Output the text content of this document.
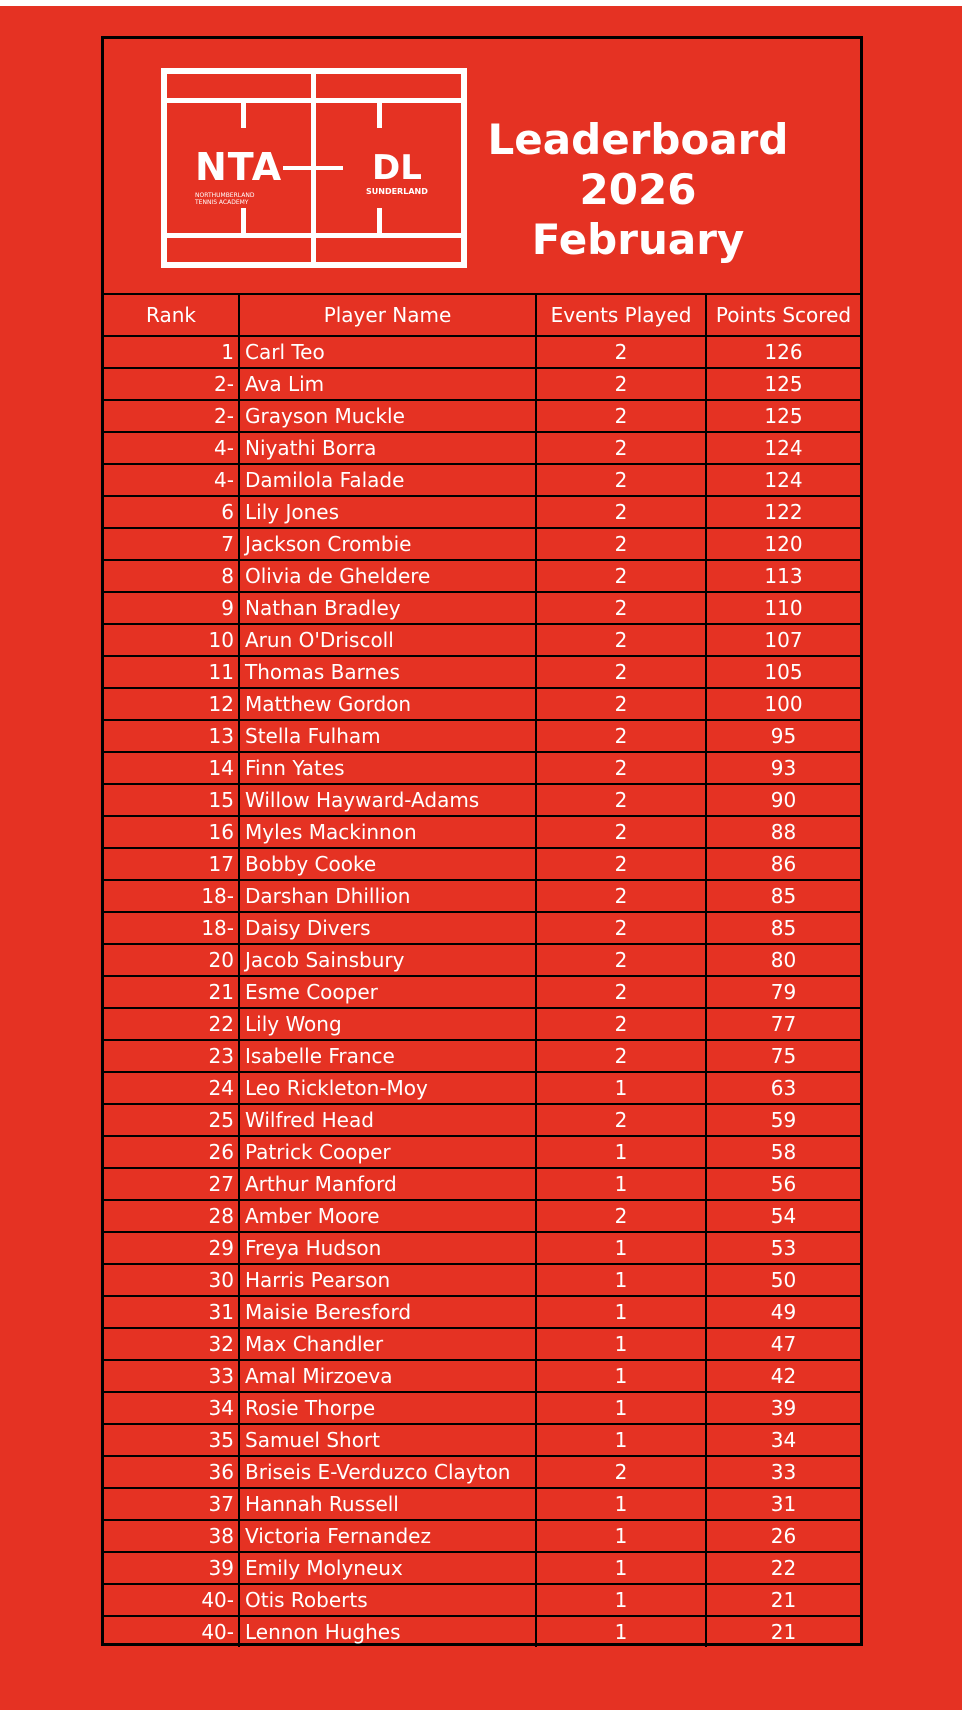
NTA
NORTHUMBERLAND TENNIS ACADEMY
DL
SUNDERLAND
Leaderboard
2026
February
Rank	Player Name	Events Played	Points Scored
1	Carl Teo	2	126
2-	Ava Lim	2	125
2-	Grayson Muckle	2	125
4-	Niyathi Borra	2	124
4-	Damilola Falade	2	124
6	Lily Jones	2	122
7	Jackson Crombie	2	120
8	Olivia de Gheldere	2	113
9	Nathan Bradley	2	110
10	Arun O'Driscoll	2	107
11	Thomas Barnes	2	105
12	Matthew Gordon	2	100
13	Stella Fulham	2	95
14	Finn Yates	2	93
15	Willow Hayward-Adams	2	90
16	Myles Mackinnon	2	88
17	Bobby Cooke	2	86
18-	Darshan Dhillion	2	85
18-	Daisy Divers	2	85
20	Jacob Sainsbury	2	80
21	Esme Cooper	2	79
22	Lily Wong	2	77
23	Isabelle France	2	75
24	Leo Rickleton-Moy	1	63
25	Wilfred Head	2	59
26	Patrick Cooper	1	58
27	Arthur Manford	1	56
28	Amber Moore	2	54
29	Freya Hudson	1	53
30	Harris Pearson	1	50
31	Maisie Beresford	1	49
32	Max Chandler	1	47
33	Amal Mirzoeva	1	42
34	Rosie Thorpe	1	39
35	Samuel Short	1	34
36	Briseis E-Verduzco Clayton	2	33
37	Hannah Russell	1	31
38	Victoria Fernandez	1	26
39	Emily Molyneux	1	22
40-	Otis Roberts	1	21
40-	Lennon Hughes	1	21
